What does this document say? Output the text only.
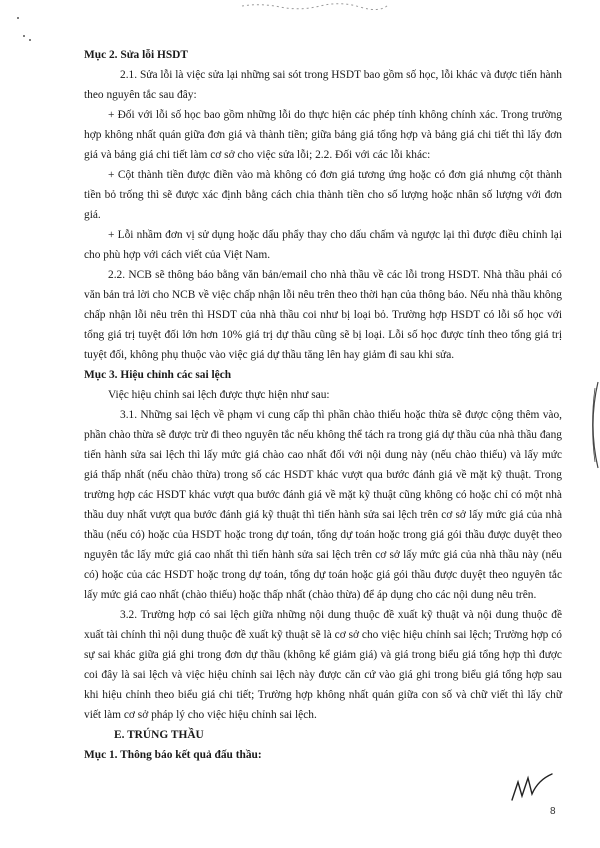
Mục 2. Sửa lỗi HSDT

2.1. Sửa lỗi là việc sửa lại những sai sót trong HSDT bao gồm số học, lỗi khác và được tiến hành theo nguyên tắc sau đây:

+ Đối với lỗi số học bao gồm những lỗi do thực hiện các phép tính không chính xác. Trong trường hợp không nhất quán giữa đơn giá và thành tiền; giữa bảng giá tổng hợp và bảng giá chi tiết thì lấy đơn giá và bảng giá chi tiết làm cơ sở cho việc sửa lỗi; 2.2. Đối với các lỗi khác:

+ Cột thành tiền được điền vào mà không có đơn giá tương ứng hoặc có đơn giá nhưng cột thành tiền bỏ trống thì sẽ được xác định bằng cách chia thành tiền cho số lượng hoặc nhân số lượng với đơn giá.

+ Lỗi nhầm đơn vị sử dụng hoặc dấu phẩy thay cho dấu chấm và ngược lại thì được điều chỉnh lại cho phù hợp với cách viết của Việt Nam.

2.2. NCB sẽ thông báo bằng văn bản/email cho nhà thầu về các lỗi trong HSDT. Nhà thầu phải có văn bản trả lời cho NCB về việc chấp nhận lỗi nêu trên theo thời hạn của thông báo. Nếu nhà thầu không chấp nhận lỗi nêu trên thì HSDT của nhà thầu coi như bị loại bỏ. Trường hợp HSDT có lỗi số học với tổng giá trị tuyệt đối lớn hơn 10% giá trị dự thầu cũng sẽ bị loại. Lỗi số học được tính theo tổng giá trị tuyệt đối, không phụ thuộc vào việc giá dự thầu tăng lên hay giảm đi sau khi sửa.

Mục 3. Hiệu chỉnh các sai lệch

Việc hiệu chỉnh sai lệch được thực hiện như sau:

3.1. Những sai lệch về phạm vi cung cấp thì phần chào thiếu hoặc thừa sẽ được cộng thêm vào, phần chào thừa sẽ được trừ đi theo nguyên tắc nếu không thể tách ra trong giá dự thầu của nhà thầu đang tiến hành sửa sai lệch thì lấy mức giá chào cao nhất đối với nội dung này (nếu chào thiếu) và lấy mức giá thấp nhất (nếu chào thừa) trong số các HSDT khác vượt qua bước đánh giá về mặt kỹ thuật. Trong trường hợp các HSDT khác vượt qua bước đánh giá về mặt kỹ thuật cũng không có hoặc chỉ có một nhà thầu duy nhất vượt qua bước đánh giá kỹ thuật thì tiến hành sửa sai lệch trên cơ sở lấy mức giá của nhà thầu (nếu có) hoặc của HSDT hoặc trong dự toán, tổng dự toán hoặc trong giá gói thầu được duyệt theo nguyên tắc lấy mức giá cao nhất thì tiến hành sửa sai lệch trên cơ sở lấy mức giá của nhà thầu này (nếu có) hoặc của các HSDT hoặc trong dự toán, tổng dự toán hoặc giá gói thầu được duyệt theo nguyên tắc lấy mức giá cao nhất (chào thiếu) hoặc thấp nhất (chào thừa) để áp dụng cho các nội dung nêu trên.

3.2. Trường hợp có sai lệch giữa những nội dung thuộc đề xuất kỹ thuật và nội dung thuộc đề xuất tài chính thì nội dung thuộc đề xuất kỹ thuật sẽ là cơ sở cho việc hiệu chỉnh sai lệch; Trường hợp có sự sai khác giữa giá ghi trong đơn dự thầu (không kể giảm giá) và giá trong biểu giá tổng hợp thì được coi đây là sai lệch và việc hiệu chỉnh sai lệch này được căn cứ vào giá ghi trong biểu giá tổng hợp sau khi hiệu chỉnh theo biểu giá chi tiết; Trường hợp không nhất quán giữa con số và chữ viết thì lấy chữ viết làm cơ sở pháp lý cho việc hiệu chỉnh sai lệch.

E. TRÚNG THẦU

Mục 1. Thông báo kết quả đấu thầu:

8
